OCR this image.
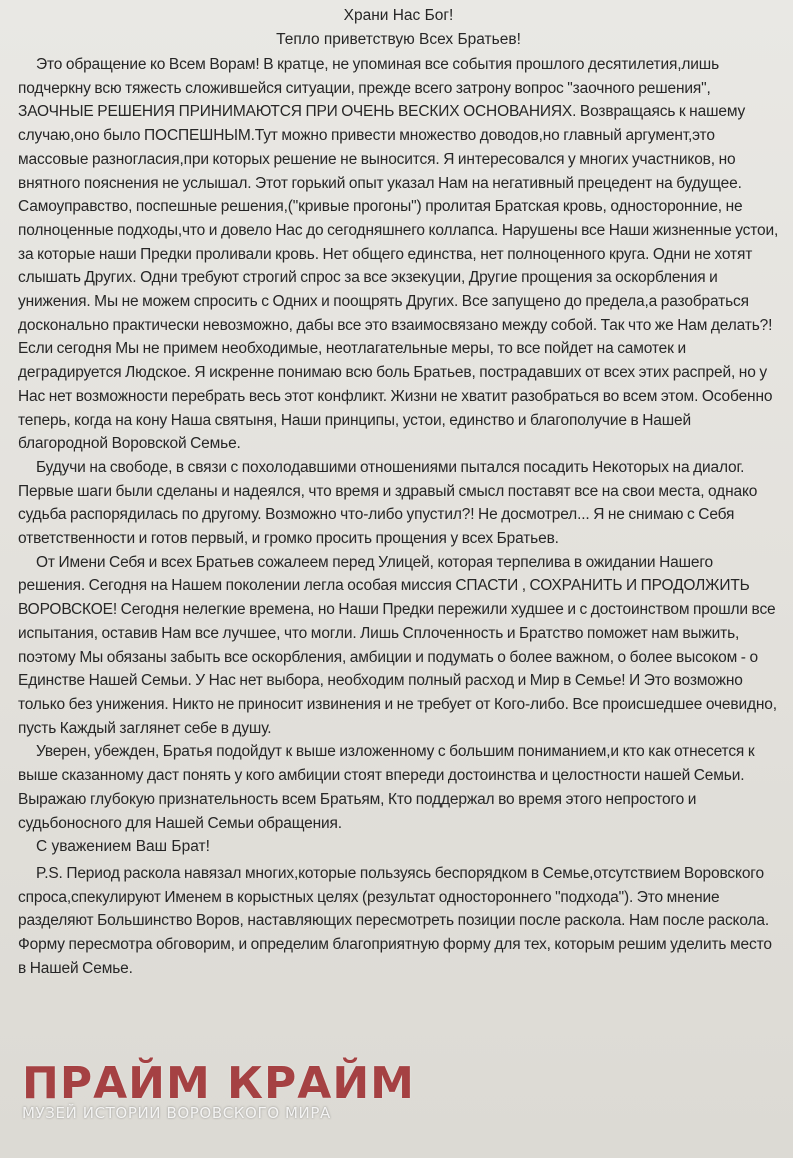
Храни Нас Бог!

Тепло приветствую Всех Братьев!

Это обращение ко Всем Ворам! В кратце, не упоминая все события прошлого десятилетия,лишь подчеркну всю тяжесть сложившейся ситуации, прежде всего затрону вопрос "заочного решения", ЗАОЧНЫЕ РЕШЕНИЯ ПРИНИМАЮТСЯ ПРИ ОЧЕНЬ ВЕСКИХ ОСНОВАНИЯХ. Возвращаясь к нашему случаю,оно было ПОСПЕШНЫМ.Тут можно привести множество доводов,но главный аргумент,это массовые разногласия,при которых решение не выносится. Я интересовался у многих участников, но внятного пояснения не услышал. Этот горький опыт указал Нам на негативный прецедент на будущее. Самоуправство, поспешные решения,("кривые прогоны") пролитая Братская кровь, односторонние, не полноценные подходы,что и довело Нас до сегодняшнего коллапса. Нарушены все Наши жизненные устои, за которые наши Предки проливали кровь. Нет общего единства, нет полноценного круга. Одни не хотят слышать Других. Одни требуют строгий спрос за все экзекуции, Другие прощения за оскорбления и унижения. Мы не можем спросить с Одних и поощрять Других. Все запущено до предела,а разобраться досконально практически невозможно, дабы все это взаимосвязано между собой. Так что же Нам делать?! Если сегодня Мы не примем необходимые, неотлагательные меры, то все пойдет на самотек и деградируется Людское. Я искренне понимаю всю боль Братьев, пострадавших от всех этих распрей, но у Нас нет возможности перебрать весь этот конфликт. Жизни не хватит разобраться во всем этом. Особенно теперь, когда на кону Наша святыня, Наши принципы, устои, единство и благополучие в Нашей благородной Воровской Семье.

Будучи на свободе, в связи с похолодавшими отношениями пытался посадить Некоторых на диалог. Первые шаги были сделаны и надеялся, что время и здравый смысл поставят все на свои места, однако судьба распорядилась по другому. Возможно что-либо упустил?! Не досмотрел... Я не снимаю с Себя ответственности и готов первый, и громко просить прощения у всех Братьев.

От Имени Себя и всех Братьев сожалеем перед Улицей, которая терпелива в ожидании Нашего решения. Сегодня на Нашем поколении легла особая миссия СПАСТИ , СОХРАНИТЬ И ПРОДОЛЖИТЬ ВОРОВСКОЕ! Сегодня нелегкие времена, но Наши Предки пережили худшее и с достоинством прошли все испытания, оставив Нам все лучшее, что могли. Лишь Сплоченность и Братство поможет нам выжить, поэтому Мы обязаны забыть все оскорбления, амбиции и подумать о более важном, о более высоком - о Единстве Нашей Семьи. У Нас нет выбора, необходим полный расход и Мир в Семье! И Это возможно только без унижения. Никто не приносит извинения и не требует от Кого-либо. Все происшедшее очевидно, пусть Каждый заглянет себе в душу.

Уверен, убежден, Братья подойдут к выше изложенному с большим пониманием,и кто как отнесется к выше сказанному даст понять у кого амбиции стоят впереди достоинства и целостности нашей Семьи. Выражаю глубокую признательность всем Братьям, Кто поддержал во время этого непростого и судьбоносного для Нашей Семьи обращения.

С уважением Ваш Брат!

P.S. Период раскола навязал многих,которые пользуясь беспорядком в Семье,отсутствием Воровского спроса,спекулируют Именем в корыстных целях (результат одностороннего "подхода"). Это мнение разделяют Большинство Воров, наставляющих пересмотреть позиции после раскола. Нам после раскола. Форму пересмотра обговорим, и определим благоприятную форму для тех, которым решим уделить место в Нашей Семье.

ПРАЙМ КРАЙМ
МУЗЕЙ ИСТОРИИ ВОРОВСКОГО МИРА
